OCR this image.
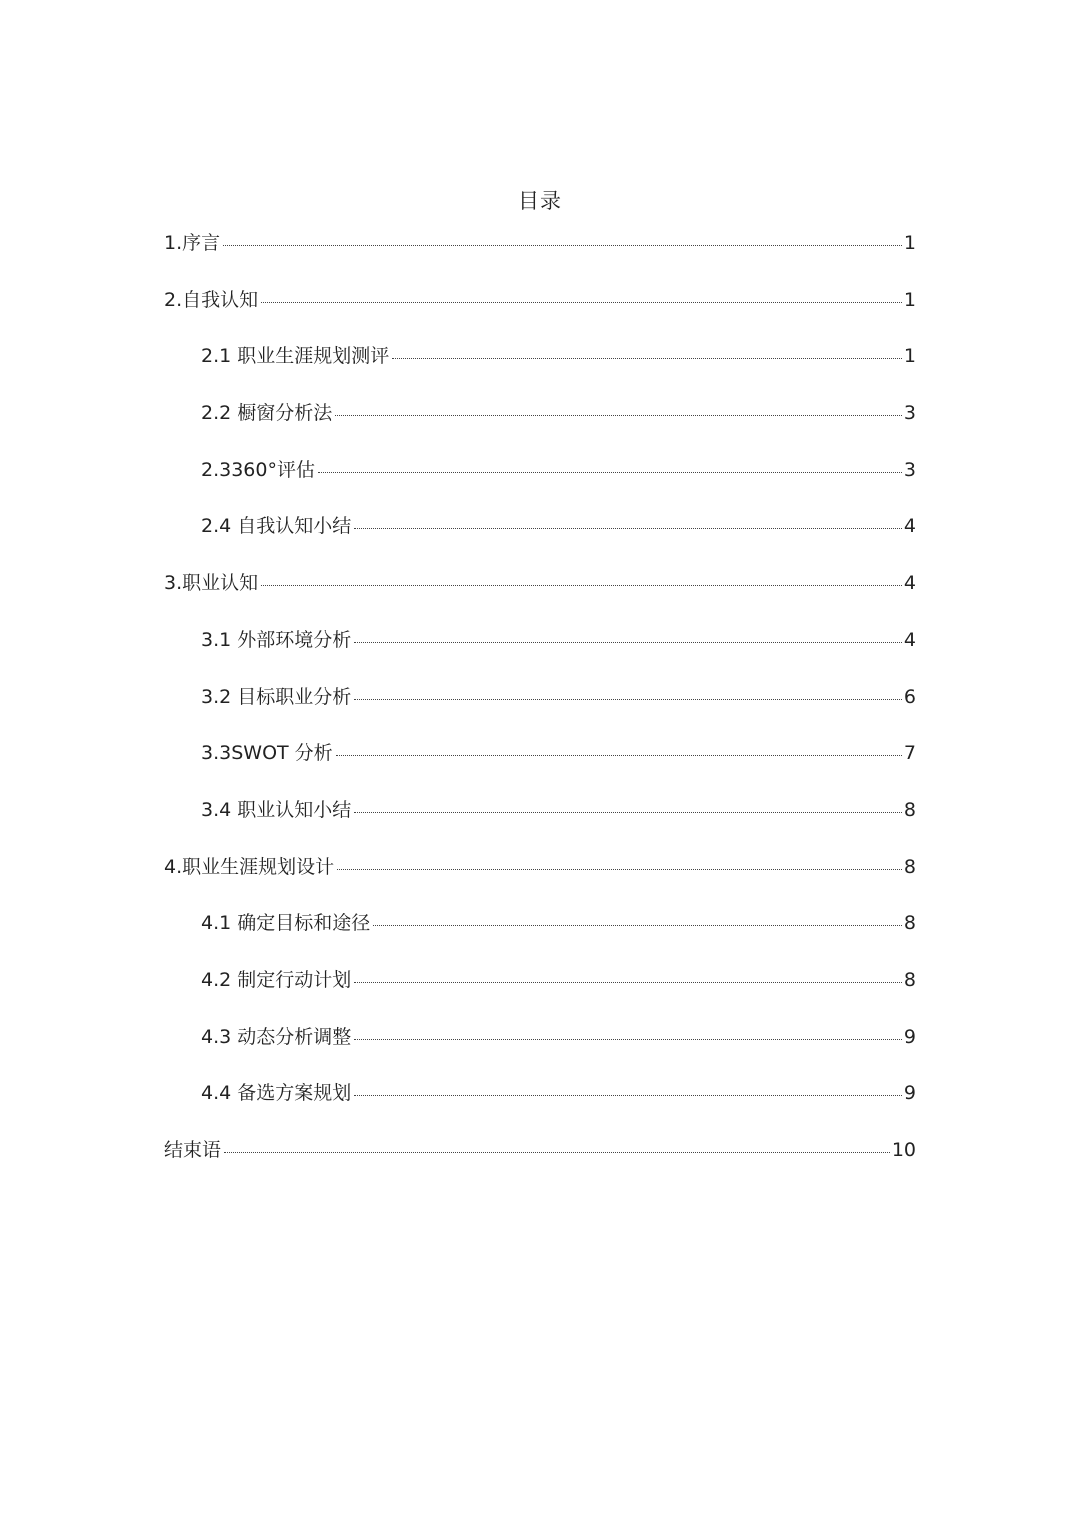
目录
1.序言	1
2.自我认知	1
2.1 职业生涯规划测评	1
2.2 橱窗分析法	3
2.3360°评估	3
2.4 自我认知小结	4
3.职业认知	4
3.1 外部环境分析	4
3.2 目标职业分析	6
3.3SWOT 分析	7
3.4 职业认知小结	8
4.职业生涯规划设计	8
4.1 确定目标和途径	8
4.2 制定行动计划	8
4.3 动态分析调整	9
4.4 备选方案规划	9
结束语	10
